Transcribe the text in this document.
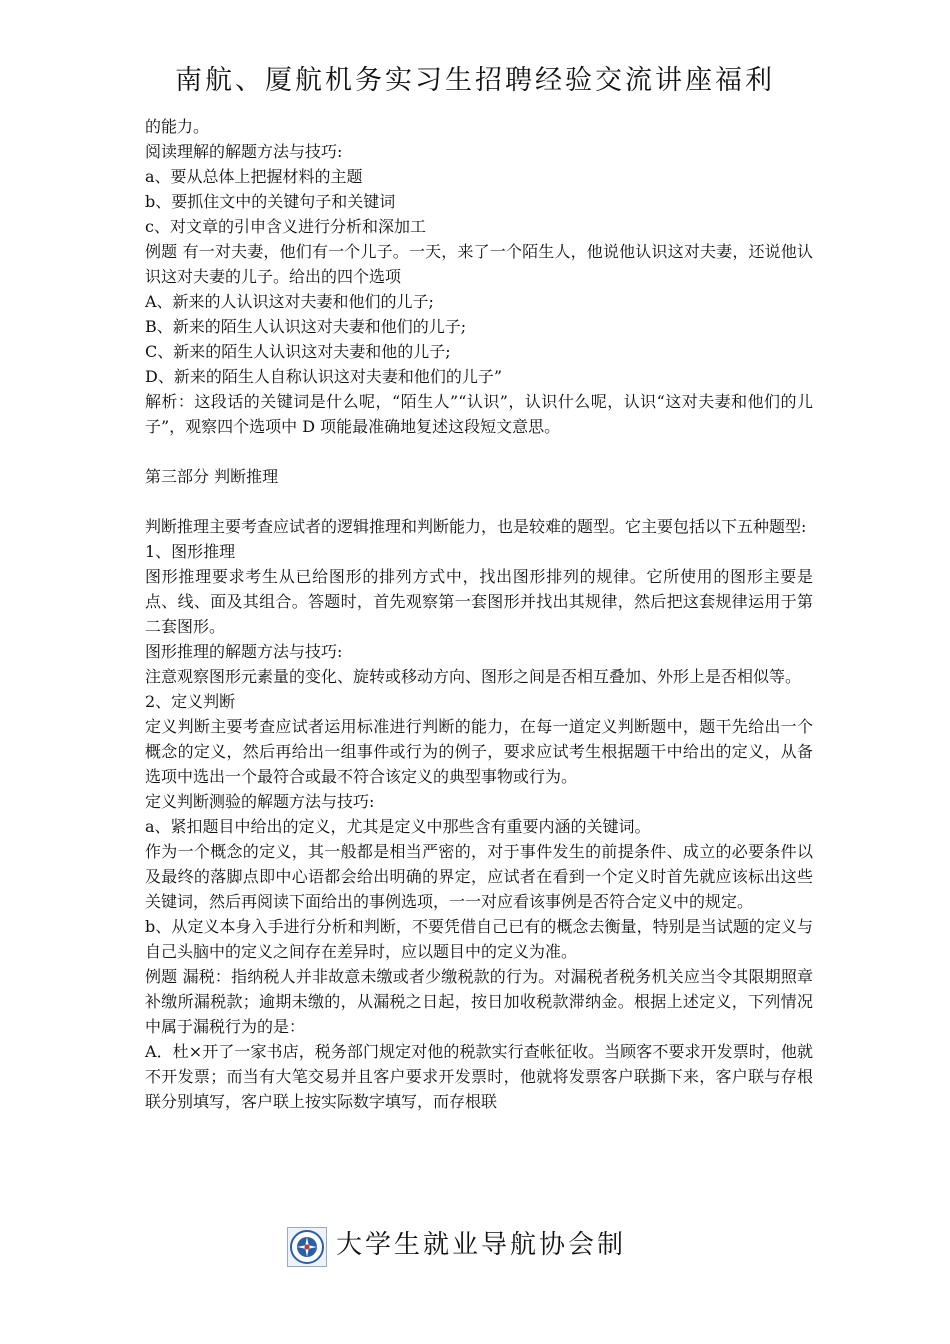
南航、厦航机务实习生招聘经验交流讲座福利

的能力。

阅读理解的解题方法与技巧:

a、要从总体上把握材料的主题

b、要抓住文中的关键句子和关键词

c、对文章的引申含义进行分析和深加工

例题 有一对夫妻，他们有一个儿子。一天，来了一个陌生人，他说他认识这对夫妻，还说他认识这对夫妻的儿子。给出的四个选项

A、新来的人认识这对夫妻和他们的儿子;

B、新来的陌生人认识这对夫妻和他们的儿子;

C、新来的陌生人认识这对夫妻和他的儿子;

D、新来的陌生人自称认识这对夫妻和他们的儿子”

解析：这段话的关键词是什么呢，“陌生人”“认识”，认识什么呢，认识“这对夫妻和他们的儿子”，观察四个选项中 D 项能最准确地复述这段短文意思。

第三部分 判断推理

判断推理主要考查应试者的逻辑推理和判断能力，也是较难的题型。它主要包括以下五种题型:

1、图形推理

图形推理要求考生从已给图形的排列方式中，找出图形排列的规律。它所使用的图形主要是点、线、面及其组合。答题时，首先观察第一套图形并找出其规律，然后把这套规律运用于第二套图形。

图形推理的解题方法与技巧:

注意观察图形元素量的变化、旋转或移动方向、图形之间是否相互叠加、外形上是否相似等。

2、定义判断

定义判断主要考查应试者运用标准进行判断的能力，在每一道定义判断题中，题干先给出一个概念的定义，然后再给出一组事件或行为的例子，要求应试考生根据题干中给出的定义，从备选项中选出一个最符合或最不符合该定义的典型事物或行为。

定义判断测验的解题方法与技巧:

a、紧扣题目中给出的定义，尤其是定义中那些含有重要内涵的关键词。

作为一个概念的定义，其一般都是相当严密的，对于事件发生的前提条件、成立的必要条件以及最终的落脚点即中心语都会给出明确的界定，应试者在看到一个定义时首先就应该标出这些关键词，然后再阅读下面给出的事例选项，一一对应看该事例是否符合定义中的规定。

b、从定义本身入手进行分析和判断，不要凭借自己已有的概念去衡量，特别是当试题的定义与自己头脑中的定义之间存在差异时，应以题目中的定义为准。

例题 漏税：指纳税人并非故意未缴或者少缴税款的行为。对漏税者税务机关应当令其限期照章补缴所漏税款；逾期未缴的，从漏税之日起，按日加收税款滞纳金。根据上述定义，下列情况中属于漏税行为的是：

A．杜×开了一家书店，税务部门规定对他的税款实行查帐征收。当顾客不要求开发票时，他就不开发票；而当有大笔交易并且客户要求开发票时，他就将发票客户联撕下来，客户联与存根联分别填写，客户联上按实际数字填写，而存根联

大学生就业导航协会制
